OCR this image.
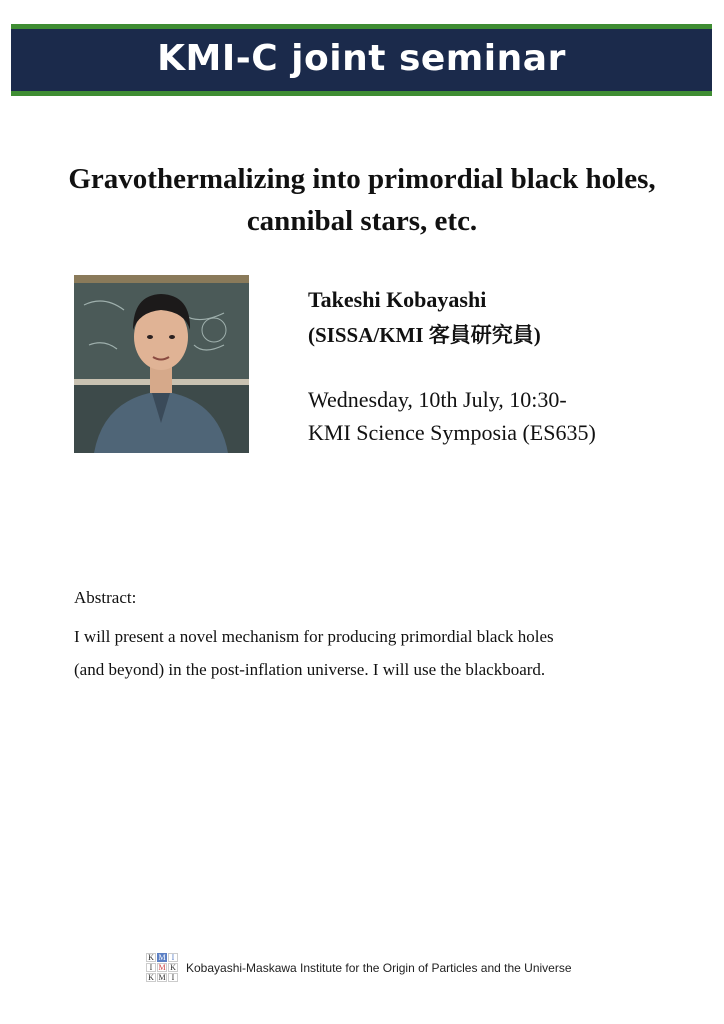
KMI-C joint seminar
Gravothermalizing into primordial black holes,
cannibal stars, etc.
Takeshi Kobayashi
(SISSA/KMI 客員研究員)
Wednesday, 10th July, 10:30-
KMI Science Symposia (ES635)
Abstract:
I will present a novel mechanism for producing primordial black holes
(and beyond) in the post-inflation universe. I will use the blackboard.
K M I
I M K
K M I
Kobayashi-Maskawa Institute for the Origin of Particles and the Universe
